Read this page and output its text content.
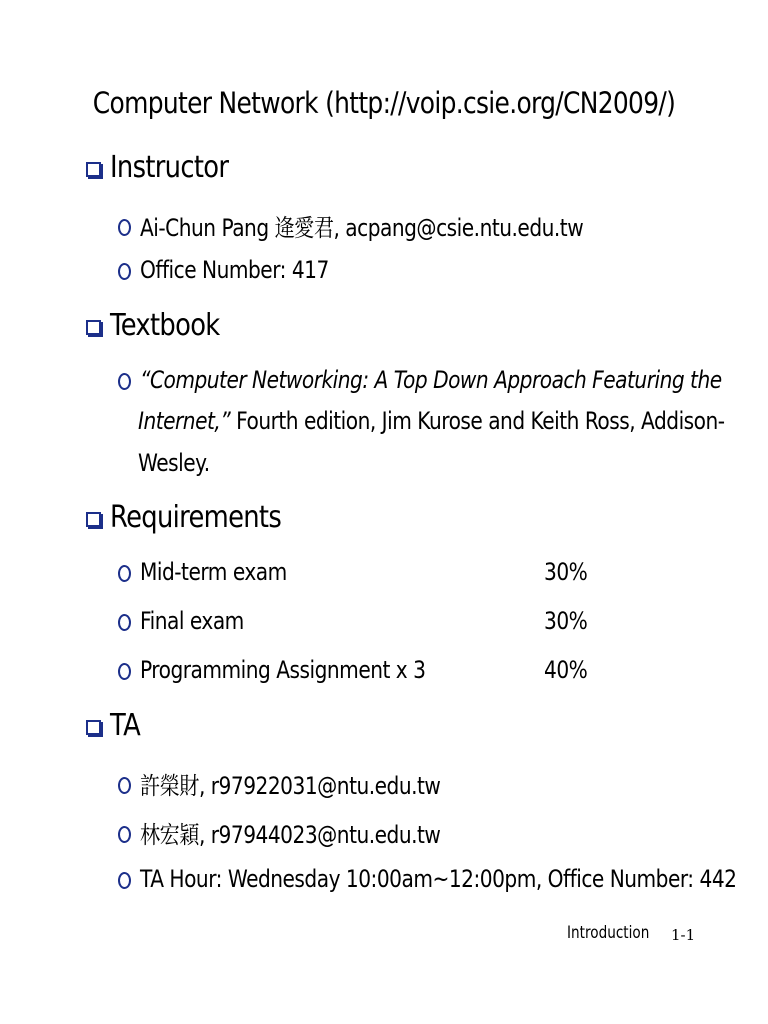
Computer Network (http://voip.csie.org/CN2009/)
Instructor
Ai-Chun Pang 逄愛君, acpang@csie.ntu.edu.tw
Office Number: 417
Textbook
“Computer Networking: A Top Down Approach Featuring the
Internet,” Fourth edition, Jim Kurose and Keith Ross, Addison-
Wesley.
Requirements
Mid-term exam	30%
Final exam	30%
Programming Assignment x 3	40%
TA
許榮財, r97922031@ntu.edu.tw
林宏穎, r97944023@ntu.edu.tw
TA Hour: Wednesday 10:00am~12:00pm, Office Number: 442
Introduction 1-1
